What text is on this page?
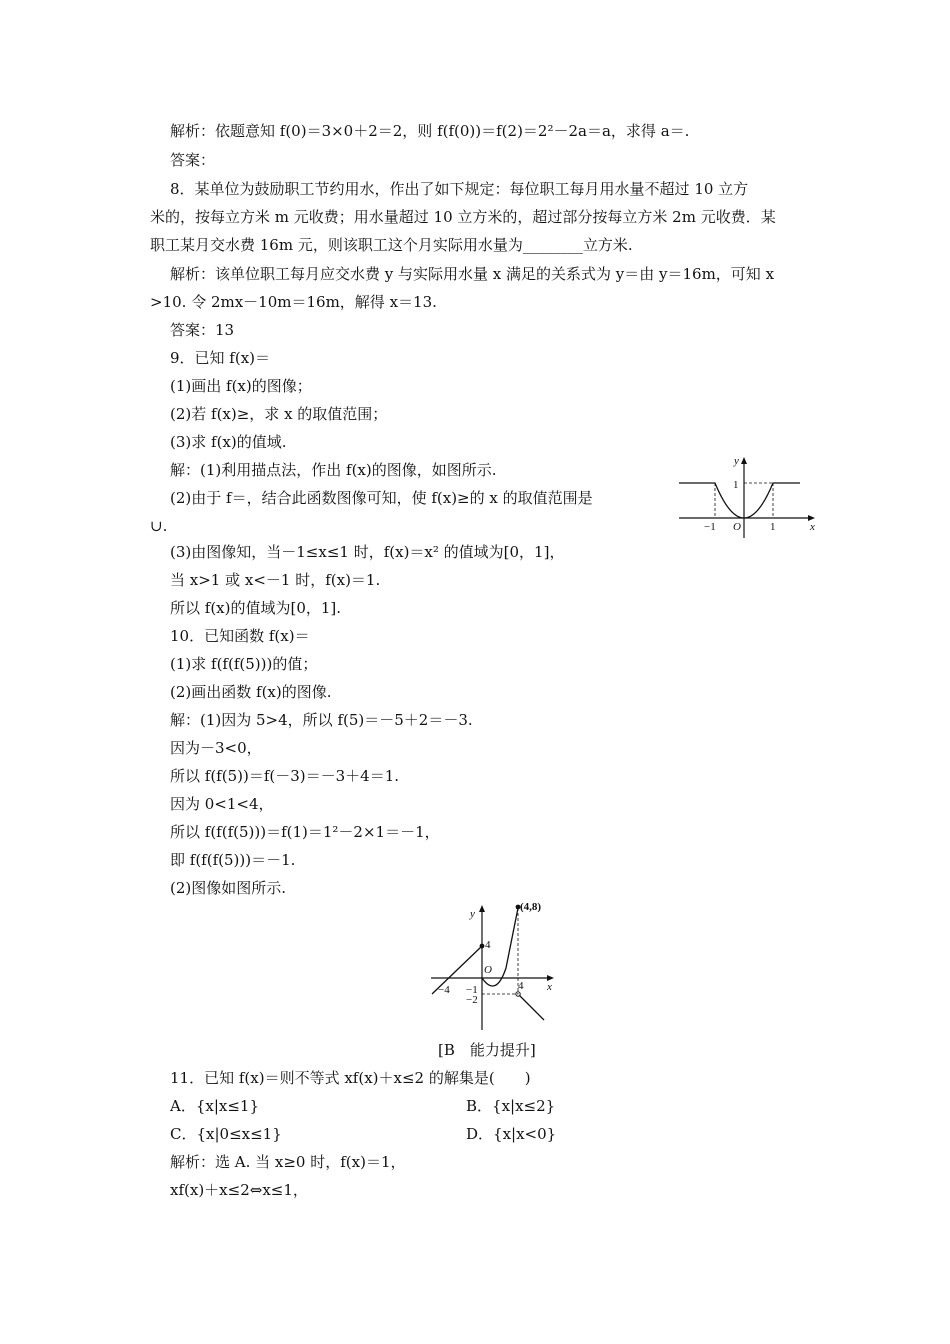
解析：依题意知 f(0)＝3×0＋2＝2，则 f(f(0))＝f(2)＝2²－2a＝a，求得 a＝.
答案：
8．某单位为鼓励职工节约用水，作出了如下规定：每位职工每月用水量不超过 10 立方
米的，按每立方米 m 元收费；用水量超过 10 立方米的，超过部分按每立方米 2m 元收费．某
职工某月交水费 16m 元，则该职工这个月实际用水量为________立方米.
解析：该单位职工每月应交水费 y 与实际用水量 x 满足的关系式为 y＝由 y＝16m，可知 x
>10. 令 2mx－10m＝16m，解得 x＝13.
答案：13
9．已知 f(x)＝
(1)画出 f(x)的图像；
(2)若 f(x)≥，求 x 的取值范围；
(3)求 f(x)的值域.
解：(1)利用描点法，作出 f(x)的图像，如图所示.
(2)由于 f＝，结合此函数图像可知，使 f(x)≥的 x 的取值范围是
∪.
(3)由图像知，当－1≤x≤1 时，f(x)＝x² 的值域为[0，1]，
当 x>1 或 x<－1 时，f(x)＝1.
所以 f(x)的值域为[0，1].
10．已知函数 f(x)＝
(1)求 f(f(f(5)))的值；
(2)画出函数 f(x)的图像.
解：(1)因为 5>4，所以 f(5)＝－5＋2＝－3.
因为－3<0，
所以 f(f(5))＝f(－3)＝－3＋4＝1.
因为 0<1<4，
所以 f(f(f(5)))＝f(1)＝1²－2×1＝－1，
即 f(f(f(5)))＝－1.
(2)图像如图所示.
y
x
1
−1 O	1
y
x
(4,8)
4
O
−4 −1
−2
4
[B　能力提升]
11．已知 f(x)＝则不等式 xf(x)＋x≤2 的解集是(　　)
A．{x|x≤1}	B．{x|x≤2}
C．{x|0≤x≤1}	D．{x|x<0}
解析：选 A. 当 x≥0 时，f(x)＝1，
xf(x)＋x≤2⇔x≤1，
